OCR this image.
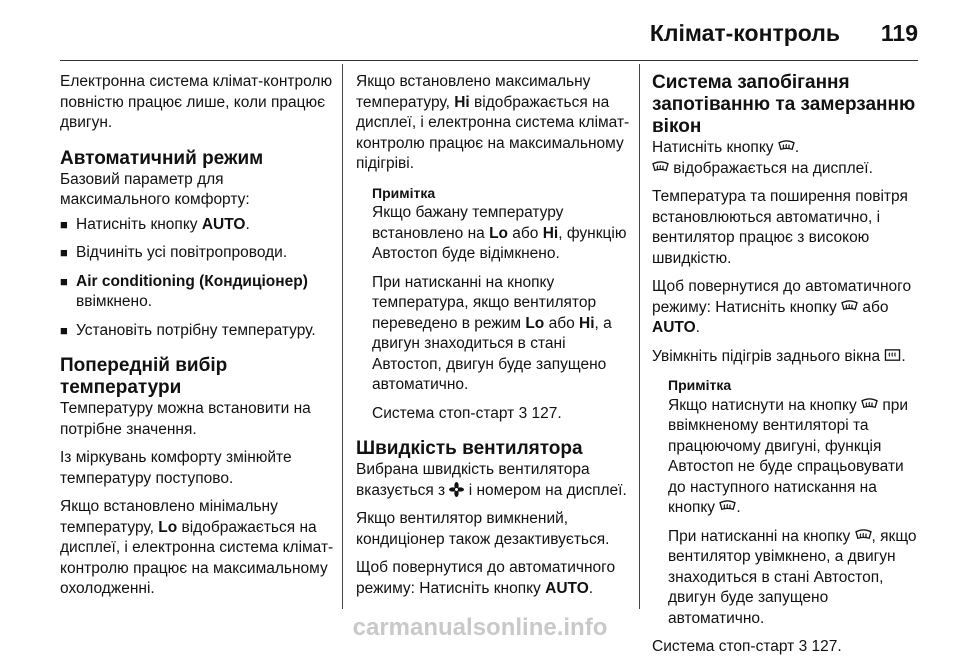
Клімат-контроль 119

Електронна система клімат-контролю повністю працює лише, коли працює двигун.

Автоматичний режим

Базовий параметр для максимального комфорту:

■ Натисніть кнопку AUTO.
■ Відчиніть усі повітропроводи.
■ Air conditioning (Кондиціонер)
ввімкнено.
■ Установіть потрібну температуру.
Попередній вибір температури

Температуру можна встановити на потрібне значення.

Із міркувань комфорту змінюйте температуру поступово.

Якщо встановлено мінімальну температуру, Lo відображається на дисплеї, і електронна система клімат-контролю працює на максимальному охолодженні.

Якщо встановлено максимальну температуру, Hi відображається на дисплеї, і електронна система клімат-контролю працює на максимальному підігріві.

Примітка

Якщо бажану температуру встановлено на Lo або Hi, функцію Автостоп буде відімкнено.

При натисканні на кнопку температура, якщо вентилятор переведено в режим Lo або Hi, а двигун знаходиться в стані Автостоп, двигун буде запущено автоматично.

Система стоп-старт 3 127.

Швидкість вентилятора

Вибрана швидкість вентилятора вказується з  і номером на дисплеї.

Якщо вентилятор вимкнений, кондиціонер також дезактивується.

Щоб повернутися до автоматичного режиму: Натисніть кнопку AUTO.

Система запобігання запотіванню та замерзанню вікон

Натисніть кнопку .

відображається на дисплеї.

Температура та поширення повітря встановлюються автоматично, і вентилятор працює з високою швидкістю.

Щоб повернутися до автоматичного режиму: Натисніть кнопку  або AUTO.

Увімкніть підігрів заднього вікна .

Примітка

Якщо натиснути на кнопку  при ввімкненому вентиляторі та працюючому двигуні, функція Автостоп не буде спрацьовувати до наступного натискання на кнопку .

При натисканні на кнопку , якщо вентилятор увімкнено, а двигун знаходиться в стані Автостоп, двигун буде запущено автоматично.

Система стоп-старт 3 127.

carmanualsonline.info
